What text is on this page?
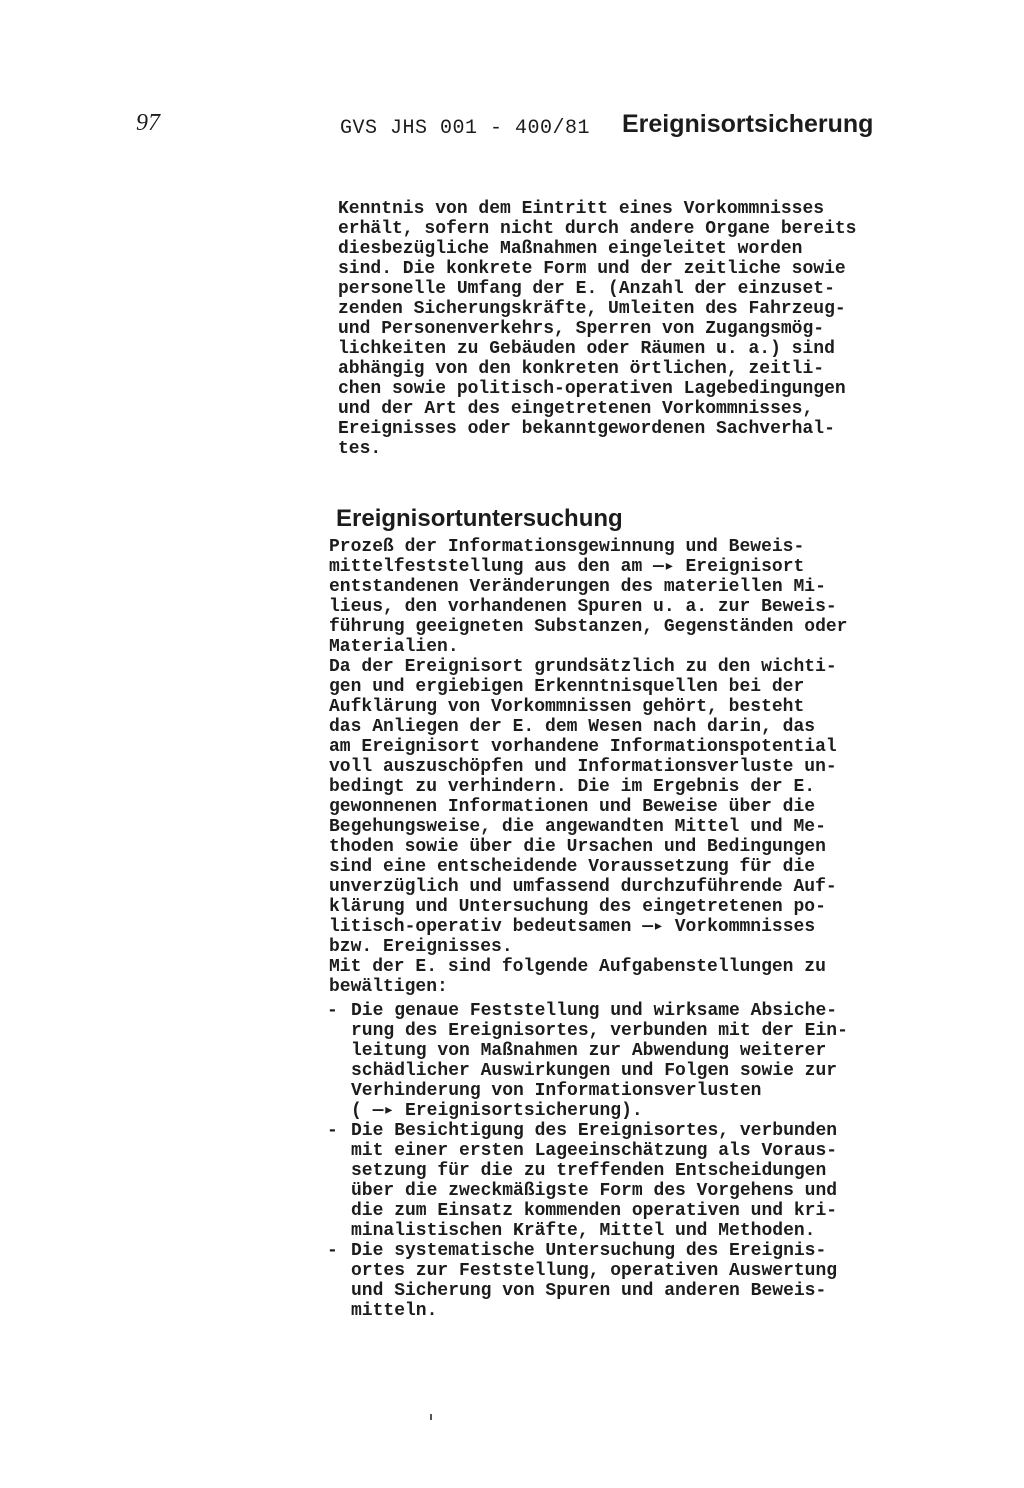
97	GVS JHS 001 - 400/81 Ereignisortsicherung
Kenntnis von dem Eintritt eines Vorkommnisses
erhält, sofern nicht durch andere Organe bereits
diesbezügliche Maßnahmen eingeleitet worden
sind. Die konkrete Form und der zeitliche sowie
personelle Umfang der E. (Anzahl der einzuset-
zenden Sicherungskräfte, Umleiten des Fahrzeug-
und Personenverkehrs, Sperren von Zugangsmög-
lichkeiten zu Gebäuden oder Räumen u. a.) sind
abhängig von den konkreten örtlichen, zeitli-
chen sowie politisch-operativen Lagebedingungen
und der Art des eingetretenen Vorkommnisses,
Ereignisses oder bekanntgewordenen Sachverhal-
tes.
Ereignisortuntersuchung
Prozeß der Informationsgewinnung und Beweis-
mittelfeststellung aus den am —▸ Ereignisort
entstandenen Veränderungen des materiellen Mi-
lieus, den vorhandenen Spuren u. a. zur Beweis-
führung geeigneten Substanzen, Gegenständen oder
Materialien.
Da der Ereignisort grundsätzlich zu den wichti-
gen und ergiebigen Erkenntnisquellen bei der
Aufklärung von Vorkommnissen gehört, besteht
das Anliegen der E. dem Wesen nach darin, das
am Ereignisort vorhandene Informationspotential
voll auszuschöpfen und Informationsverluste un-
bedingt zu verhindern. Die im Ergebnis der E.
gewonnenen Informationen und Beweise über die
Begehungsweise, die angewandten Mittel und Me-
thoden sowie über die Ursachen und Bedingungen
sind eine entscheidende Voraussetzung für die
unverzüglich und umfassend durchzuführende Auf-
klärung und Untersuchung des eingetretenen po-
litisch-operativ bedeutsamen —▸ Vorkommnisses
bzw. Ereignisses.
Mit der E. sind folgende Aufgabenstellungen zu
bewältigen:
- Die genaue Feststellung und wirksame Absiche-
rung des Ereignisortes, verbunden mit der Ein-
leitung von Maßnahmen zur Abwendung weiterer
schädlicher Auswirkungen und Folgen sowie zur
Verhinderung von Informationsverlusten
( —▸ Ereignisortsicherung).
- Die Besichtigung des Ereignisortes, verbunden
mit einer ersten Lageeinschätzung als Voraus-
setzung für die zu treffenden Entscheidungen
über die zweckmäßigste Form des Vorgehens und
die zum Einsatz kommenden operativen und kri-
minalistischen Kräfte, Mittel und Methoden.
- Die systematische Untersuchung des Ereignis-
ortes zur Feststellung, operativen Auswertung
und Sicherung von Spuren und anderen Beweis-
mitteln.
